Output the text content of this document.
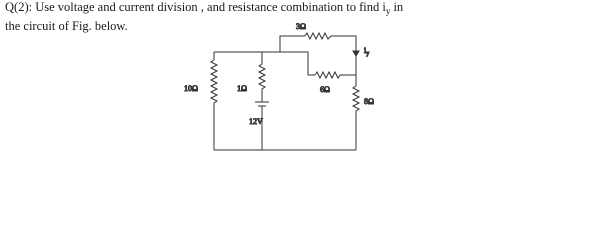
Q(2): Use voltage and current division , and resistance combination to find $i_y$ in
the circuit of Fig. below.	3Ω
10Ω	1Ω	6Ω
8Ω
12V
$i_y$
